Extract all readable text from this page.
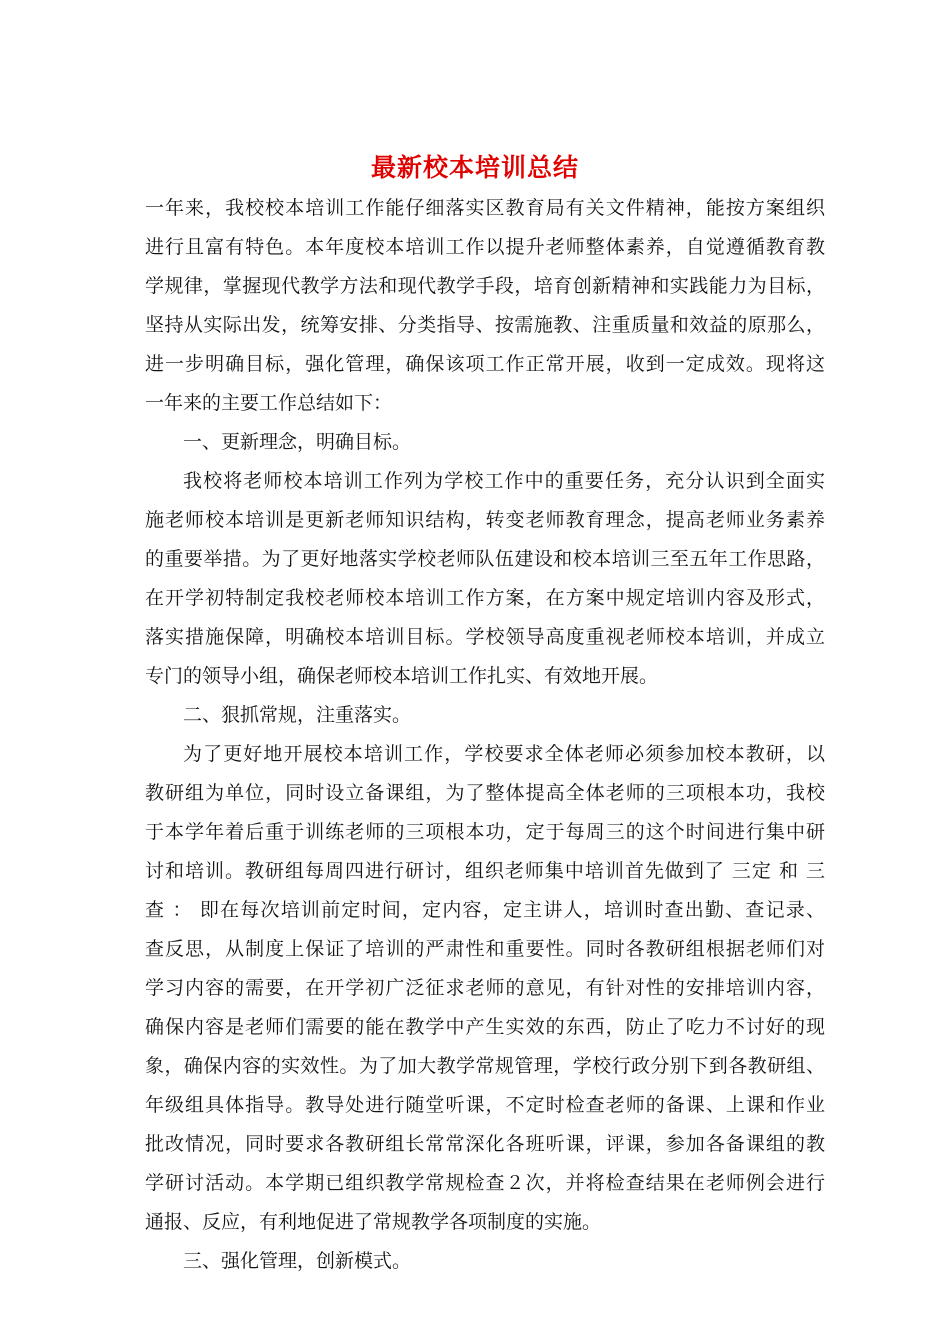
最新校本培训总结

一年来，我校校本培训工作能仔细落实区教育局有关文件精神，能按方案组织

进行且富有特色。本年度校本培训工作以提升老师整体素养，自觉遵循教育教

学规律，掌握现代教学方法和现代教学手段，培育创新精神和实践能力为目标，

坚持从实际出发，统筹安排、分类指导、按需施教、注重质量和效益的原那么，

进一步明确目标，强化管理，确保该项工作正常开展，收到一定成效。现将这

一年来的主要工作总结如下：

一、更新理念，明确目标。

我校将老师校本培训工作列为学校工作中的重要任务，充分认识到全面实

施老师校本培训是更新老师知识结构，转变老师教育理念，提高老师业务素养

的重要举措。为了更好地落实学校老师队伍建设和校本培训三至五年工作思路，

在开学初特制定我校老师校本培训工作方案，在方案中规定培训内容及形式，

落实措施保障，明确校本培训目标。学校领导高度重视老师校本培训，并成立

专门的领导小组，确保老师校本培训工作扎实、有效地开展。

二、狠抓常规，注重落实。

为了更好地开展校本培训工作，学校要求全体老师必须参加校本教研，以

教研组为单位，同时设立备课组，为了整体提高全体老师的三项根本功，我校

于本学年着后重于训练老师的三项根本功，定于每周三的这个时间进行集中研

讨和培训。教研组每周四进行研讨，组织老师集中培训首先做到了 三定 和 三

查 ： 即在每次培训前定时间，定内容，定主讲人，培训时查出勤、查记录、

查反思，从制度上保证了培训的严肃性和重要性。同时各教研组根据老师们对

学习内容的需要，在开学初广泛征求老师的意见，有针对性的安排培训内容，

确保内容是老师们需要的能在教学中产生实效的东西，防止了吃力不讨好的现

象，确保内容的实效性。为了加大教学常规管理，学校行政分别下到各教研组、

年级组具体指导。教导处进行随堂听课，不定时检查老师的备课、上课和作业

批改情况，同时要求各教研组长常常深化各班听课，评课，参加各备课组的教

学研讨活动。本学期已组织教学常规检查２次，并将检查结果在老师例会进行

通报、反应，有利地促进了常规教学各项制度的实施。

三、强化管理，创新模式。
